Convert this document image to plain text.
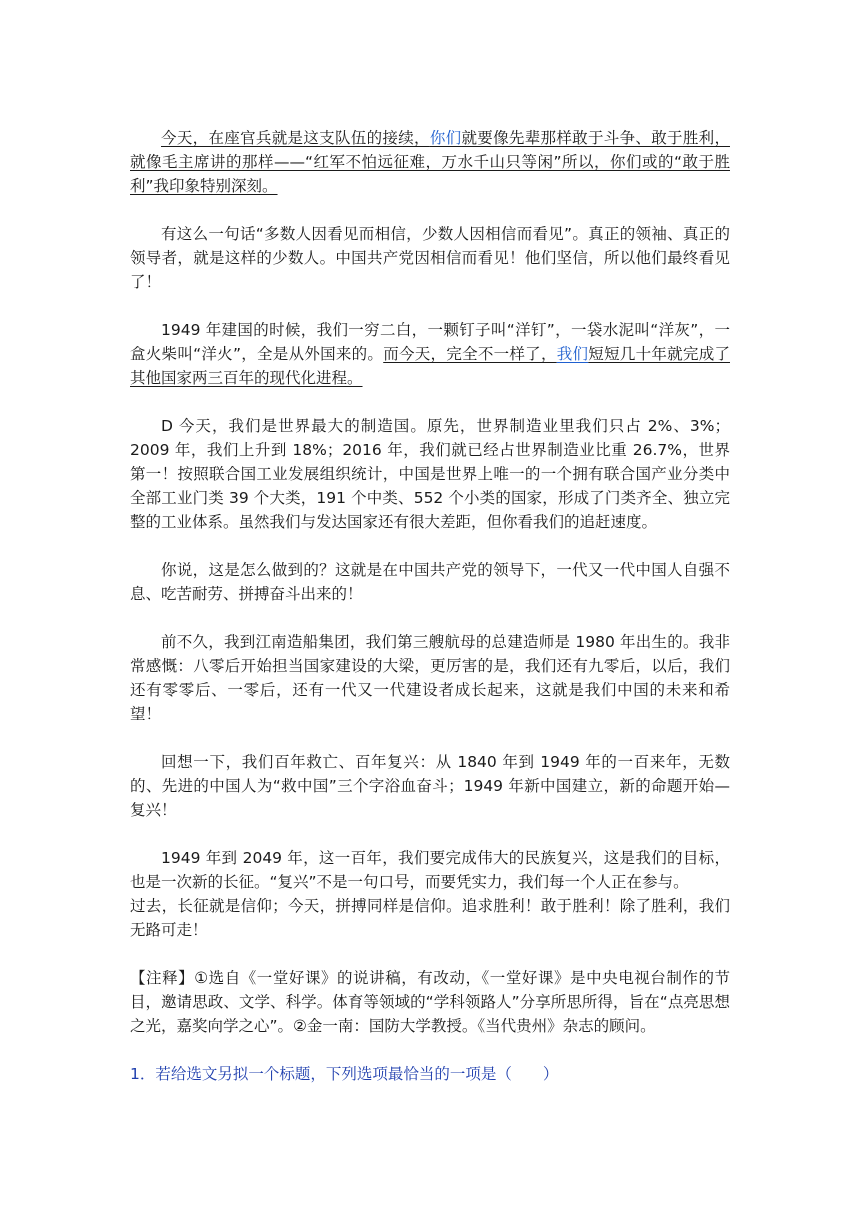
今天，在座官兵就是这支队伍的接续，你们就要像先辈那样敢于斗争、敢于胜利，就像毛主席讲的那样——“红军不怕远征难，万水千山只等闲”所以，你们或的“敢于胜利”我印象特别深刻。

有这么一句话“多数人因看见而相信，少数人因相信而看见”。真正的领袖、真正的领导者，就是这样的少数人。中国共产党因相信而看见！他们坚信，所以他们最终看见了！

1949 年建国的时候，我们一穷二白，一颗钉子叫“洋钉”，一袋水泥叫“洋灰”，一盒火柴叫“洋火”，全是从外国来的。而今天，完全不一样了，我们短短几十年就完成了其他国家两三百年的现代化进程。

D 今天，我们是世界最大的制造国。原先，世界制造业里我们只占 2%、3%；2009 年，我们上升到 18%；2016 年，我们就已经占世界制造业比重 26.7%，世界第一！按照联合国工业发展组织统计，中国是世界上唯一的一个拥有联合国产业分类中全部工业门类 39 个大类，191 个中类、552 个小类的国家，形成了门类齐全、独立完整的工业体系。虽然我们与发达国家还有很大差距，但你看我们的追赶速度。

你说，这是怎么做到的？这就是在中国共产党的领导下，一代又一代中国人自强不息、吃苦耐劳、拼搏奋斗出来的！

前不久，我到江南造船集团，我们第三艘航母的总建造师是 1980 年出生的。我非常感慨：八零后开始担当国家建设的大梁，更厉害的是，我们还有九零后，以后，我们还有零零后、一零后，还有一代又一代建设者成长起来，这就是我们中国的未来和希望！

回想一下，我们百年救亡、百年复兴：从 1840 年到 1949 年的一百来年，无数的、先进的中国人为“救中国”三个字浴血奋斗；1949 年新中国建立，新的命题开始—复兴！

1949 年到 2049 年，这一百年，我们要完成伟大的民族复兴，这是我们的目标，也是一次新的长征。“复兴”不是一句口号，而要凭实力，我们每一个人正在参与。

过去，长征就是信仰；今天，拼搏同样是信仰。追求胜利！敢于胜利！除了胜利，我们无路可走！

【注释】①选自《一堂好课》的说讲稿，有改动，《一堂好课》是中央电视台制作的节目，邀请思政、文学、科学。体育等领域的“学科领路人”分享所思所得，旨在“点亮思想之光，嘉奖向学之心”。②金一南：国防大学教授。《当代贵州》杂志的顾问。

1．若给选文另拟一个标题，下列选项最恰当的一项是（　　）
